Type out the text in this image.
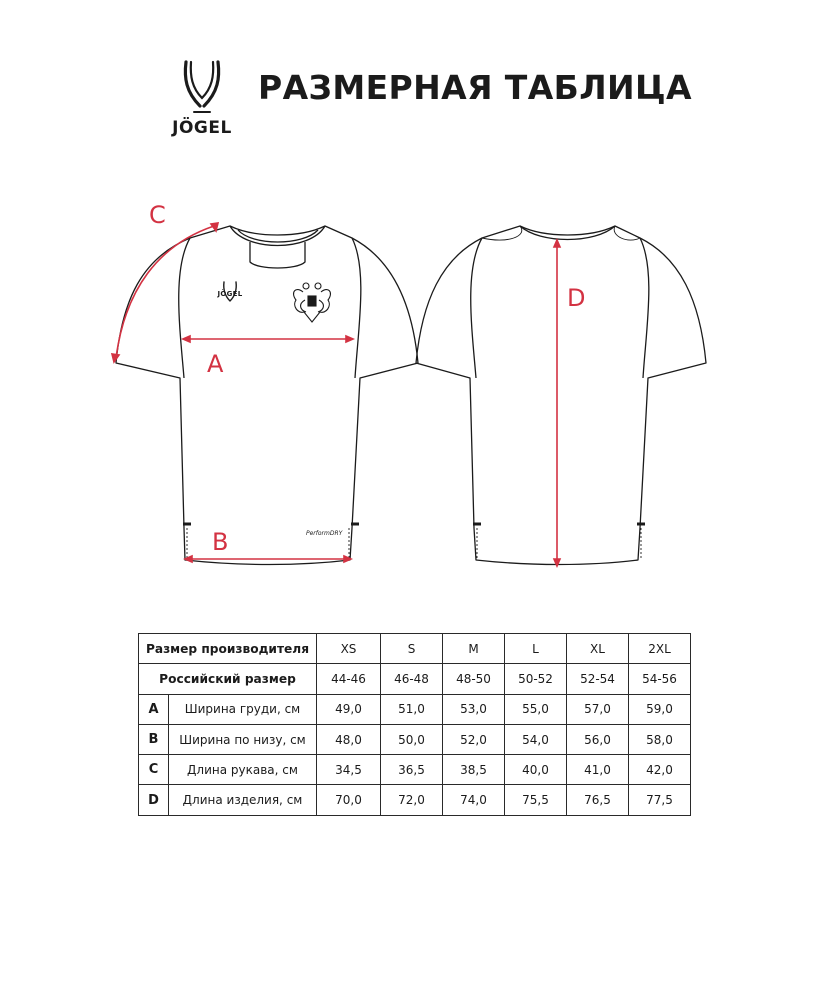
JÖGEL
РАЗМЕРНАЯ ТАБЛИЦА
C
A
B
D
JÖGEL
PerformDRY
Размер производителя		XS	S	M	L	XL	2XL
Российский размер		44-46	46-48	48-50	50-52	52-54	54-56
A	Ширина груди, см	49,0	51,0	53,0	55,0	57,0	59,0
B	Ширина по низу, см	48,0	50,0	52,0	54,0	56,0	58,0
C	Длина рукава, см	34,5	36,5	38,5	40,0	41,0	42,0
D	Длина изделия, см	70,0	72,0	74,0	75,5	76,5	77,5
